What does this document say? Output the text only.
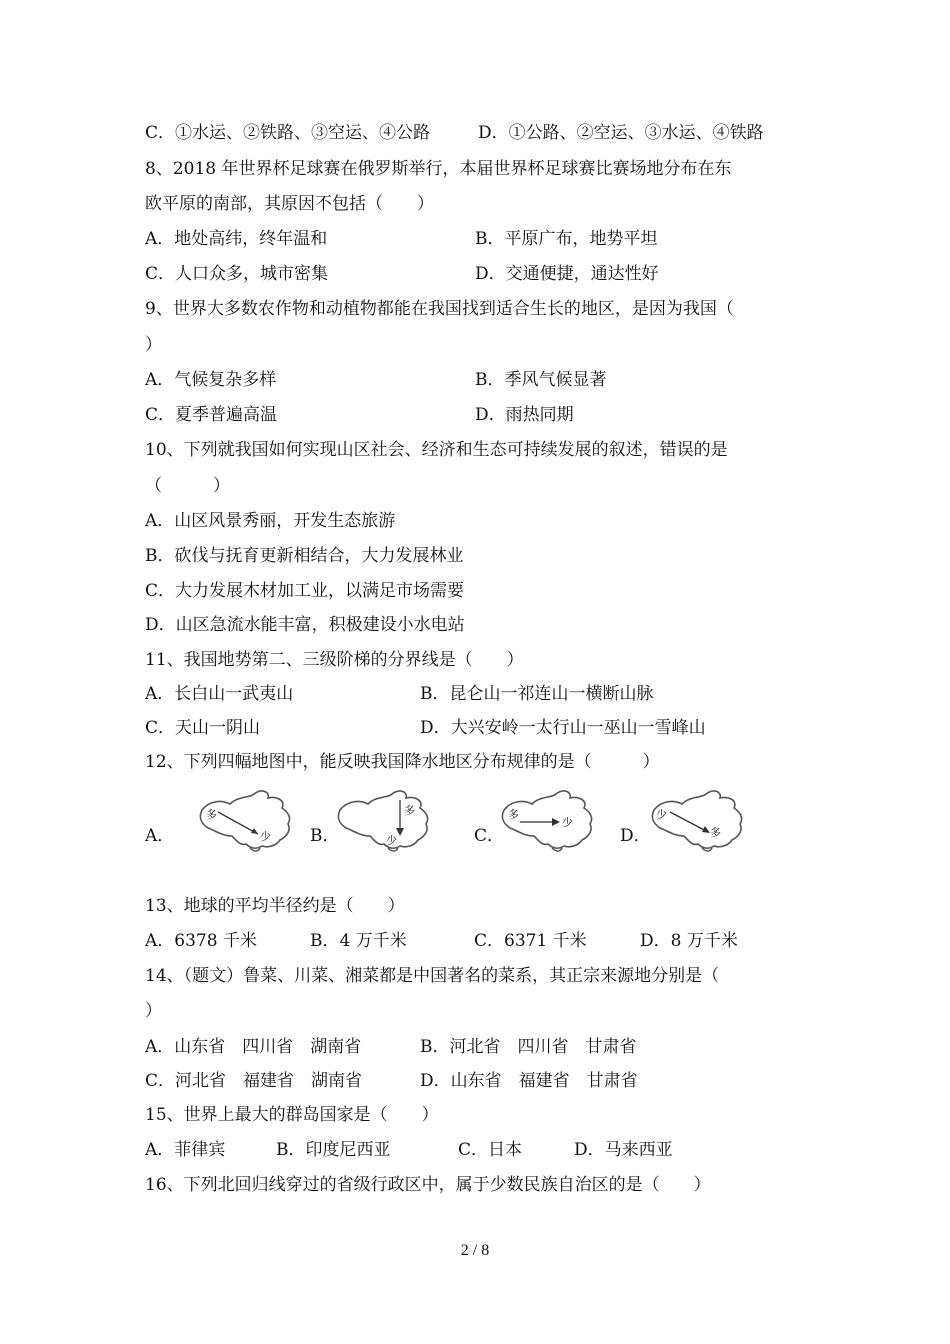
C．①水运、②铁路、③空运、④公路	D．①公路、②空运、③水运、④铁路
8、2018 年世界杯足球赛在俄罗斯举行，本届世界杯足球赛比赛场地分布在东
欧平原的南部，其原因不包括（　　）
A．地处高纬，终年温和	B．平原广布，地势平坦
C．人口众多，城市密集	D．交通便捷，通达性好
9、世界大多数农作物和动植物都能在我国找到适合生长的地区，是因为我国（
）
A．气候复杂多样	B．季风气候显著
C．夏季普遍高温	D．雨热同期
10、下列就我国如何实现山区社会、经济和生态可持续发展的叙述，错误的是
（　　　）
A．山区风景秀丽，开发生态旅游
B．砍伐与抚育更新相结合，大力发展林业
C．大力发展木材加工业，以满足市场需要
D．山区急流水能丰富，积极建设小水电站
11、我国地势第二、三级阶梯的分界线是（　　）
A．长白山一武夷山	B．昆仑山一祁连山一横断山脉
C．天山一阴山	D．大兴安岭一太行山一巫山一雪峰山
12、下列四幅地图中，能反映我国降水地区分布规律的是（　　　）
A．
多
少 B．
多
少	C．
多
少
D．
少
多
13、地球的平均半径约是（　　）
A．6378 千米	B．4 万千米	C．6371 千米	D．8 万千米
14、（题文）鲁菜、川菜、湘菜都是中国著名的菜系，其正宗来源地分别是（
）
A．山东省　四川省　湖南省	B．河北省　四川省　甘肃省
C．河北省　福建省　湖南省	D．山东省　福建省　甘肃省
15、世界上最大的群岛国家是（　　）
A．菲律宾	B．印度尼西亚	C．日本	D．马来西亚
16、下列北回归线穿过的省级行政区中，属于少数民族自治区的是（　　）
2 / 8
